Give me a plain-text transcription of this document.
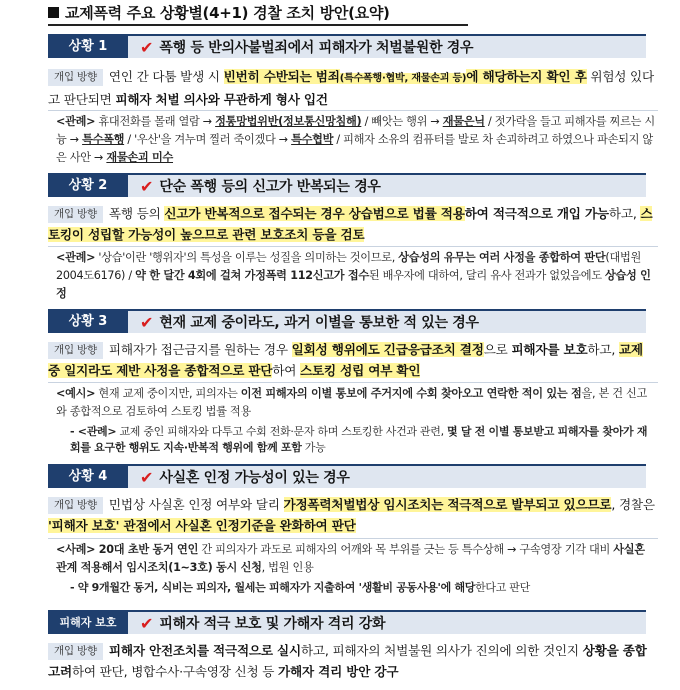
교제폭력 주요 상황별(4+1) 경찰 조치 방안(요약)
상황 1	✔ 폭행 등 반의사불벌죄에서 피해자가 처벌불원한 경우
개입 방향 연인 간 다툼 발생 시 빈번히 수반되는 범죄(특수폭행·협박, 재물손괴 등)에 해당하는지 확인 후 위험성 있다고 판단되면 피해자 처벌 의사와 무관하게 형사 입건
<관례> 휴대전화를 몰래 열람 → 정통망법위반(정보통신망침해) / 빼앗는 행위 → 재물은닉 / 젓가락을 들고 피해자를 찌르는 시늉 → 특수폭행 / '우산'을 겨누며 찔러 죽이겠다 → 특수협박 / 피해자 소유의 컴퓨터를 발로 차 손괴하려고 하였으나 파손되지 않은 사안 → 재물손괴 미수
상황 2	✔ 단순 폭행 등의 신고가 반복되는 경우
개입 방향 폭행 등의 신고가 반복적으로 접수되는 경우 상습범으로 법률 적용하여 적극적으로 개입 가능하고, 스토킹이 성립할 가능성이 높으므로 관련 보호조치 등을 검토
<관례> '상습'이란 '행위자'의 특성을 이루는 성질을 의미하는 것이므로, 상습성의 유무는 여러 사정을 종합하여 판단(대법원 2004도6176) / 약 한 달간 4회에 걸쳐 가정폭력 112신고가 접수된 배우자에 대하여, 달리 유사 전과가 없었음에도 상습성 인정
상황 3	✔ 현재 교제 중이라도, 과거 이별을 통보한 적 있는 경우
개입 방향 피해자가 접근금지를 원하는 경우 일회성 행위에도 긴급응급조치 결정으로 피해자를 보호하고, 교제 중 일지라도 제반 사정을 종합적으로 판단하여 스토킹 성립 여부 확인
<예시> 현재 교제 중이지만, 피의자는 이전 피해자의 이별 통보에 주거지에 수회 찾아오고 연락한 적이 있는 점을, 본 건 신고와 종합적으로 검토하여 스토킹 법률 적용
- <관례> 교제 중인 피해자와 다투고 수회 전화·문자 하며 스토킹한 사건과 관련, 몇 달 전 이별 통보받고 피해자를 찾아가 재회를 요구한 행위도 지속·반복적 행위에 함께 포함 가능
상황 4	✔ 사실혼 인정 가능성이 있는 경우
개입 방향 민법상 사실혼 인정 여부와 달리 가정폭력처벌법상 임시조치는 적극적으로 발부되고 있으므로, 경찰은 '피해자 보호' 관점에서 사실혼 인정기준을 완화하여 판단
<사례> 20대 초반 동거 연인 간 피의자가 과도로 피해자의 어깨와 목 부위를 긋는 등 특수상해 → 구속영장 기각 대비 사실혼 관계 적용해서 임시조치(1~3호) 동시 신청, 법원 인용
- 약 9개월간 동거, 식비는 피의자, 월세는 피해자가 지출하여 '생활비 공동사용'에 해당한다고 판단
피해자 보호	✔ 피해자 적극 보호 및 가해자 격리 강화
개입 방향 피해자 안전조치를 적극적으로 실시하고, 피해자의 처벌불원 의사가 진의에 의한 것인지 상황을 종합 고려하여 판단, 병합수사·구속영장 신청 등 가해자 격리 방안 강구
